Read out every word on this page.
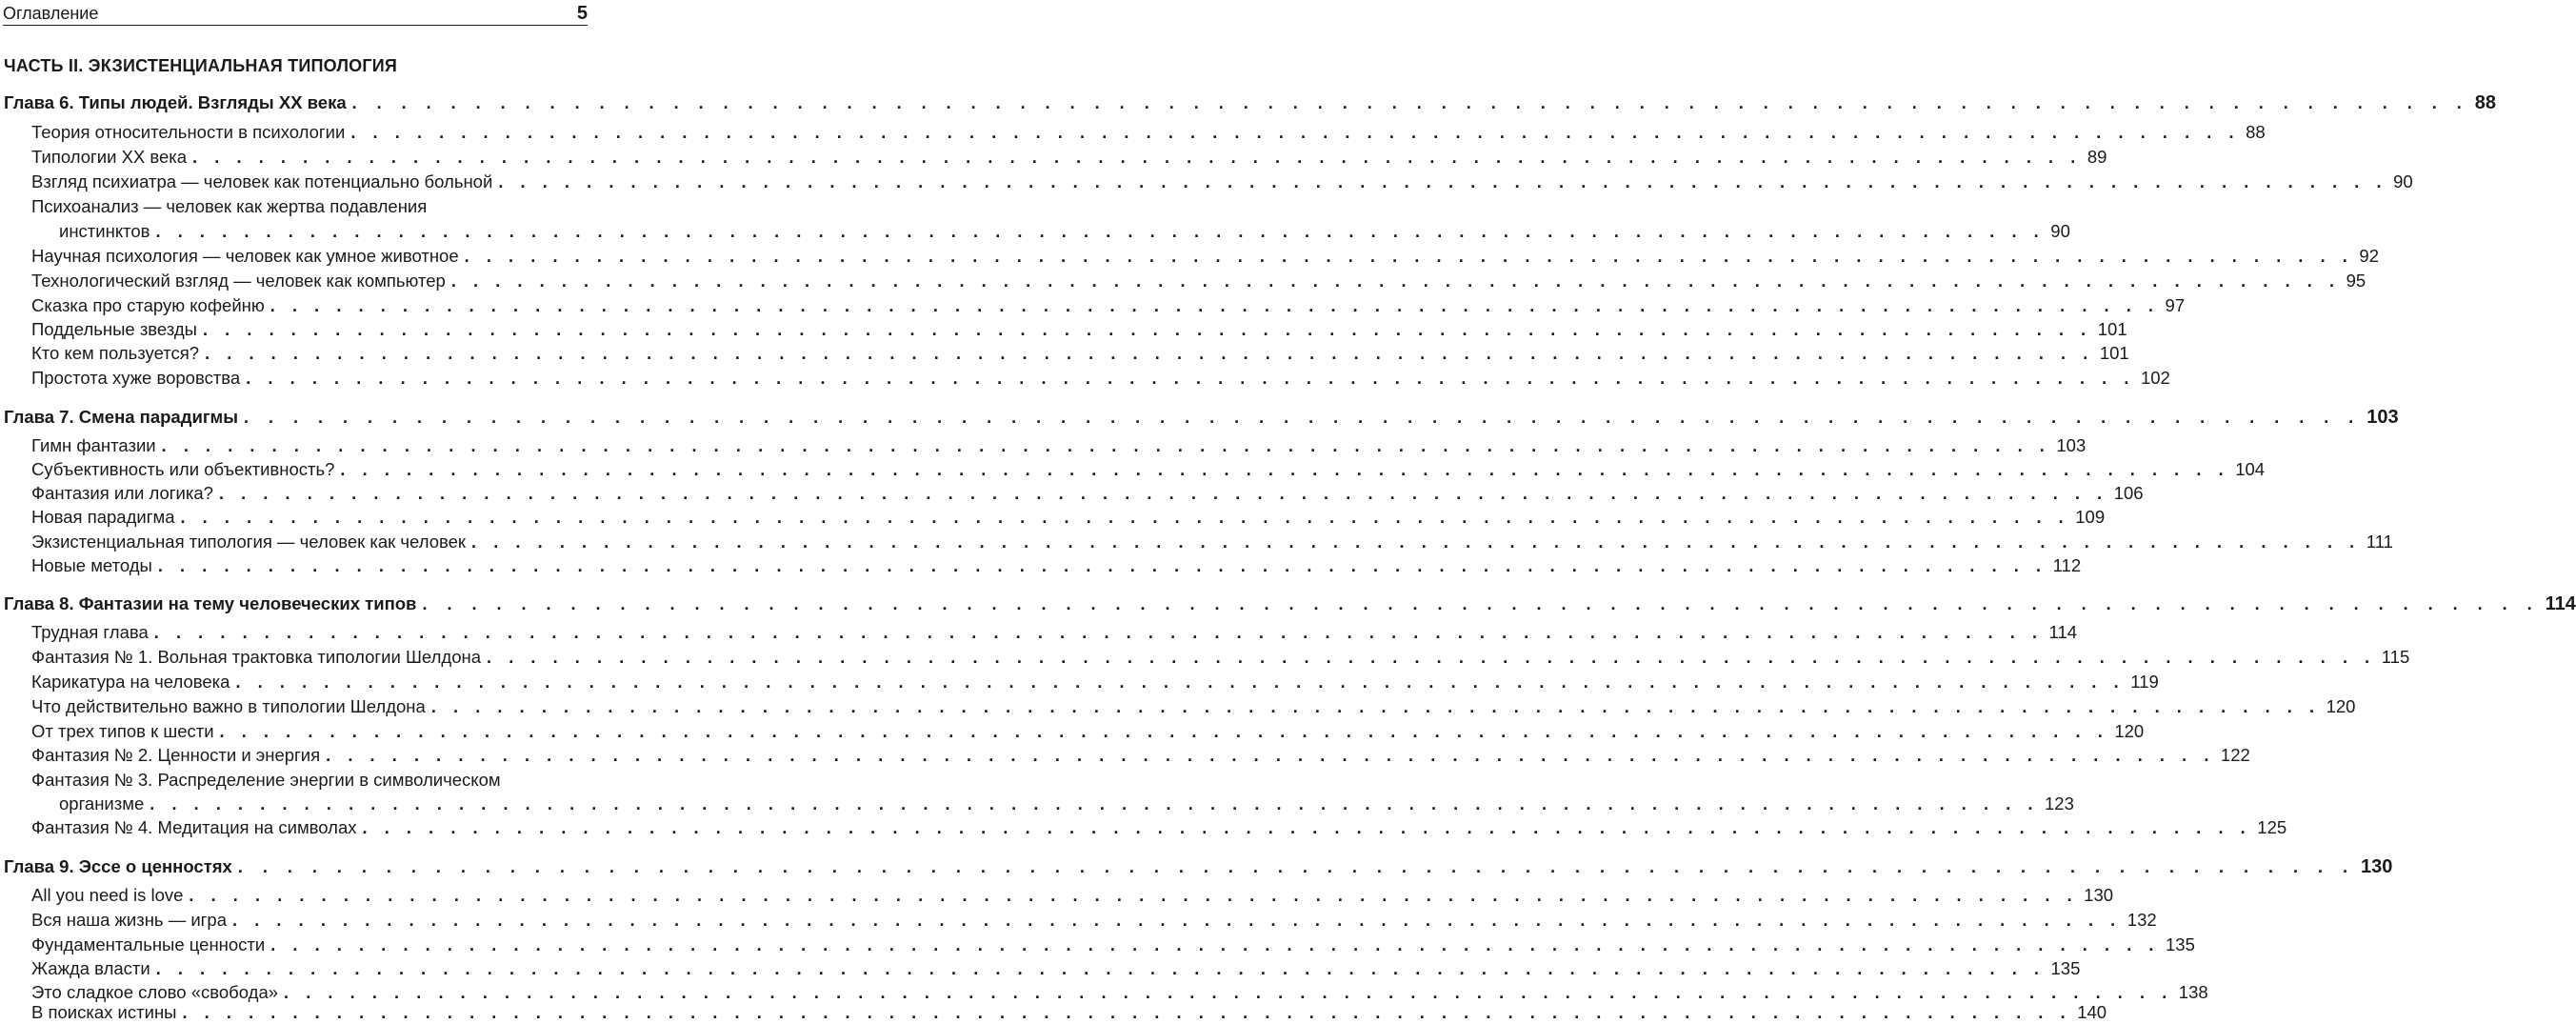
Оглавление	5
ЧАСТЬ II. ЭКЗИСТЕНЦИАЛЬНАЯ ТИПОЛОГИЯ
Глава 6. Типы людей. Взгляды XX века . . . . . . . . . . . . . . . . . . . . . . . . . . . . . . . . . . . . . . . . . . . . . . . . . . . . . . . . . . . . . . . . . . . . . . . . . . . . . . . . . . . . . . 88
Теория относительности в психологии . . . . . . . . . . . . . . . . . . . . . . . . . . . . . . . . . . . . . . . . . . . . . . . . . . . . . . . . . . . . . . . . . . . . . . . . . . . . . . . . . . . . . . 88
Типологии XX века . . . . . . . . . . . . . . . . . . . . . . . . . . . . . . . . . . . . . . . . . . . . . . . . . . . . . . . . . . . . . . . . . . . . . . . . . . . . . . . . . . . . . . 89
Взгляд психиатра — человек как потенциально больной . . . . . . . . . . . . . . . . . . . . . . . . . . . . . . . . . . . . . . . . . . . . . . . . . . . . . . . . . . . . . . . . . . . . . . . . . . . . . . . . . . . . . . 90
Психоанализ — человек как жертва подавления
инстинктов . . . . . . . . . . . . . . . . . . . . . . . . . . . . . . . . . . . . . . . . . . . . . . . . . . . . . . . . . . . . . . . . . . . . . . . . . . . . . . . . . . . . . . 90
Научная психология — человек как умное животное . . . . . . . . . . . . . . . . . . . . . . . . . . . . . . . . . . . . . . . . . . . . . . . . . . . . . . . . . . . . . . . . . . . . . . . . . . . . . . . . . . . . . . 92
Технологический взгляд — человек как компьютер . . . . . . . . . . . . . . . . . . . . . . . . . . . . . . . . . . . . . . . . . . . . . . . . . . . . . . . . . . . . . . . . . . . . . . . . . . . . . . . . . . . . . . 95
Сказка про старую кофейню . . . . . . . . . . . . . . . . . . . . . . . . . . . . . . . . . . . . . . . . . . . . . . . . . . . . . . . . . . . . . . . . . . . . . . . . . . . . . . . . . . . . . . 97
Поддельные звезды . . . . . . . . . . . . . . . . . . . . . . . . . . . . . . . . . . . . . . . . . . . . . . . . . . . . . . . . . . . . . . . . . . . . . . . . . . . . . . . . . . . . . . 101
Кто кем пользуется? . . . . . . . . . . . . . . . . . . . . . . . . . . . . . . . . . . . . . . . . . . . . . . . . . . . . . . . . . . . . . . . . . . . . . . . . . . . . . . . . . . . . . . 101
Простота хуже воровства . . . . . . . . . . . . . . . . . . . . . . . . . . . . . . . . . . . . . . . . . . . . . . . . . . . . . . . . . . . . . . . . . . . . . . . . . . . . . . . . . . . . . . 102
Глава 7. Смена парадигмы . . . . . . . . . . . . . . . . . . . . . . . . . . . . . . . . . . . . . . . . . . . . . . . . . . . . . . . . . . . . . . . . . . . . . . . . . . . . . . . . . . . . . . 103
Гимн фантазии . . . . . . . . . . . . . . . . . . . . . . . . . . . . . . . . . . . . . . . . . . . . . . . . . . . . . . . . . . . . . . . . . . . . . . . . . . . . . . . . . . . . . . 103
Субъективность или объективность? . . . . . . . . . . . . . . . . . . . . . . . . . . . . . . . . . . . . . . . . . . . . . . . . . . . . . . . . . . . . . . . . . . . . . . . . . . . . . . . . . . . . . . 104
Фантазия или логика? . . . . . . . . . . . . . . . . . . . . . . . . . . . . . . . . . . . . . . . . . . . . . . . . . . . . . . . . . . . . . . . . . . . . . . . . . . . . . . . . . . . . . . 106
Новая парадигма . . . . . . . . . . . . . . . . . . . . . . . . . . . . . . . . . . . . . . . . . . . . . . . . . . . . . . . . . . . . . . . . . . . . . . . . . . . . . . . . . . . . . . 109
Экзистенциальная типология — человек как человек . . . . . . . . . . . . . . . . . . . . . . . . . . . . . . . . . . . . . . . . . . . . . . . . . . . . . . . . . . . . . . . . . . . . . . . . . . . . . . . . . . . . . . 111
Новые методы . . . . . . . . . . . . . . . . . . . . . . . . . . . . . . . . . . . . . . . . . . . . . . . . . . . . . . . . . . . . . . . . . . . . . . . . . . . . . . . . . . . . . . 112
Глава 8. Фантазии на тему человеческих типов . . . . . . . . . . . . . . . . . . . . . . . . . . . . . . . . . . . . . . . . . . . . . . . . . . . . . . . . . . . . . . . . . . . . . . . . . . . . . . . . . . . . . . 114
Трудная глава . . . . . . . . . . . . . . . . . . . . . . . . . . . . . . . . . . . . . . . . . . . . . . . . . . . . . . . . . . . . . . . . . . . . . . . . . . . . . . . . . . . . . . 114
Фантазия № 1. Вольная трактовка типологии Шелдона . . . . . . . . . . . . . . . . . . . . . . . . . . . . . . . . . . . . . . . . . . . . . . . . . . . . . . . . . . . . . . . . . . . . . . . . . . . . . . . . . . . . . . 115
Карикатура на человека . . . . . . . . . . . . . . . . . . . . . . . . . . . . . . . . . . . . . . . . . . . . . . . . . . . . . . . . . . . . . . . . . . . . . . . . . . . . . . . . . . . . . . 119
Что действительно важно в типологии Шелдона . . . . . . . . . . . . . . . . . . . . . . . . . . . . . . . . . . . . . . . . . . . . . . . . . . . . . . . . . . . . . . . . . . . . . . . . . . . . . . . . . . . . . . 120
От трех типов к шести . . . . . . . . . . . . . . . . . . . . . . . . . . . . . . . . . . . . . . . . . . . . . . . . . . . . . . . . . . . . . . . . . . . . . . . . . . . . . . . . . . . . . . 120
Фантазия № 2. Ценности и энергия . . . . . . . . . . . . . . . . . . . . . . . . . . . . . . . . . . . . . . . . . . . . . . . . . . . . . . . . . . . . . . . . . . . . . . . . . . . . . . . . . . . . . . 122
Фантазия № 3. Распределение энергии в символическом
организме . . . . . . . . . . . . . . . . . . . . . . . . . . . . . . . . . . . . . . . . . . . . . . . . . . . . . . . . . . . . . . . . . . . . . . . . . . . . . . . . . . . . . . 123
Фантазия № 4. Медитация на символах . . . . . . . . . . . . . . . . . . . . . . . . . . . . . . . . . . . . . . . . . . . . . . . . . . . . . . . . . . . . . . . . . . . . . . . . . . . . . . . . . . . . . . 125
Глава 9. Эссе о ценностях . . . . . . . . . . . . . . . . . . . . . . . . . . . . . . . . . . . . . . . . . . . . . . . . . . . . . . . . . . . . . . . . . . . . . . . . . . . . . . . . . . . . . . 130
All you need is love . . . . . . . . . . . . . . . . . . . . . . . . . . . . . . . . . . . . . . . . . . . . . . . . . . . . . . . . . . . . . . . . . . . . . . . . . . . . . . . . . . . . . . 130
Вся наша жизнь — игра . . . . . . . . . . . . . . . . . . . . . . . . . . . . . . . . . . . . . . . . . . . . . . . . . . . . . . . . . . . . . . . . . . . . . . . . . . . . . . . . . . . . . . 132
Фундаментальные ценности . . . . . . . . . . . . . . . . . . . . . . . . . . . . . . . . . . . . . . . . . . . . . . . . . . . . . . . . . . . . . . . . . . . . . . . . . . . . . . . . . . . . . . 135
Жажда власти . . . . . . . . . . . . . . . . . . . . . . . . . . . . . . . . . . . . . . . . . . . . . . . . . . . . . . . . . . . . . . . . . . . . . . . . . . . . . . . . . . . . . . 135
Это сладкое слово «свобода» . . . . . . . . . . . . . . . . . . . . . . . . . . . . . . . . . . . . . . . . . . . . . . . . . . . . . . . . . . . . . . . . . . . . . . . . . . . . . . . . . . . . . . 138
В поисках истины . . . . . . . . . . . . . . . . . . . . . . . . . . . . . . . . . . . . . . . . . . . . . . . . . . . . . . . . . . . . . . . . . . . . . . . . . . . . . . . . . . . . . . 140
